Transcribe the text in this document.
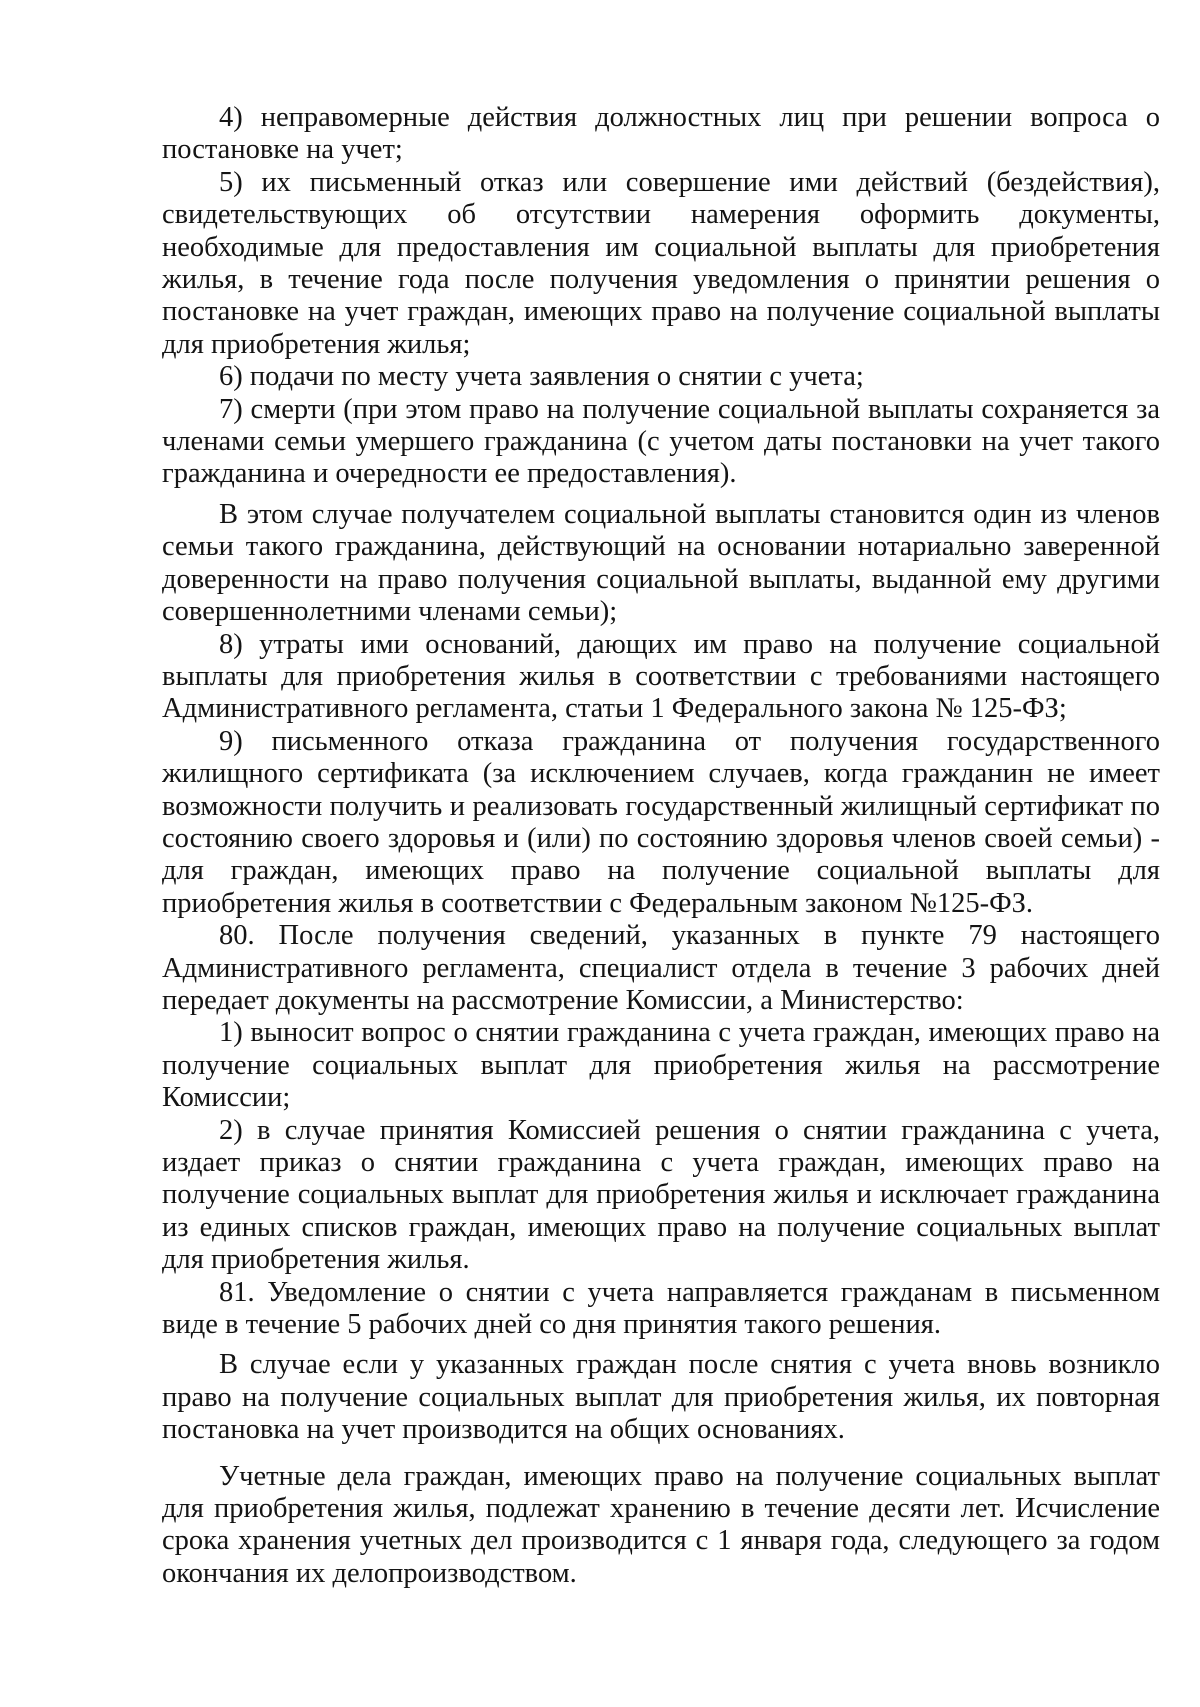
4) неправомерные действия должностных лиц при решении вопроса о постановке на учет;

5) их письменный отказ или совершение ими действий (бездействия), свидетельствующих об отсутствии намерения оформить документы, необходимые для предоставления им социальной выплаты для приобретения жилья, в течение года после получения уведомления о принятии решения о постановке на учет граждан, имеющих право на получение социальной выплаты для приобретения жилья;

6) подачи по месту учета заявления о снятии с учета;

7) смерти (при этом право на получение социальной выплаты сохраняется за членами семьи умершего гражданина (с учетом даты постановки на учет такого гражданина и очередности ее предоставления).

В этом случае получателем социальной выплаты становится один из членов семьи такого гражданина, действующий на основании нотариально заверенной доверенности на право получения социальной выплаты, выданной ему другими совершеннолетними членами семьи);

8) утраты ими оснований, дающих им право на получение социальной выплаты для приобретения жилья в соответствии с требованиями настоящего Административного регламента, статьи 1 Федерального закона № 125-ФЗ;

9) письменного отказа гражданина от получения государственного жилищного сертификата (за исключением случаев, когда гражданин не имеет возможности получить и реализовать государственный жилищный сертификат по состоянию своего здоровья и (или) по состоянию здоровья членов своей семьи) - для граждан, имеющих право на получение социальной выплаты для приобретения жилья в соответствии с Федеральным законом №125-ФЗ.

80. После получения сведений, указанных в пункте 79 настоящего Административного регламента, специалист отдела в течение 3 рабочих дней передает документы на рассмотрение Комиссии, а Министерство:

1) выносит вопрос о снятии гражданина с учета граждан, имеющих право на получение социальных выплат для приобретения жилья на рассмотрение Комиссии;

2) в случае принятия Комиссией решения о снятии гражданина с учета, издает приказ о снятии гражданина с учета граждан, имеющих право на получение социальных выплат для приобретения жилья и исключает гражданина из единых списков граждан, имеющих право на получение социальных выплат для приобретения жилья.

81. Уведомление о снятии с учета направляется гражданам в письменном виде в течение 5 рабочих дней со дня принятия такого решения.

В случае если у указанных граждан после снятия с учета вновь возникло право на получение социальных выплат для приобретения жилья, их повторная постановка на учет производится на общих основаниях.

Учетные дела граждан, имеющих право на получение социальных выплат для приобретения жилья, подлежат хранению в течение десяти лет. Исчисление срока хранения учетных дел производится с 1 января года, следующего за годом окончания их делопроизводством.
